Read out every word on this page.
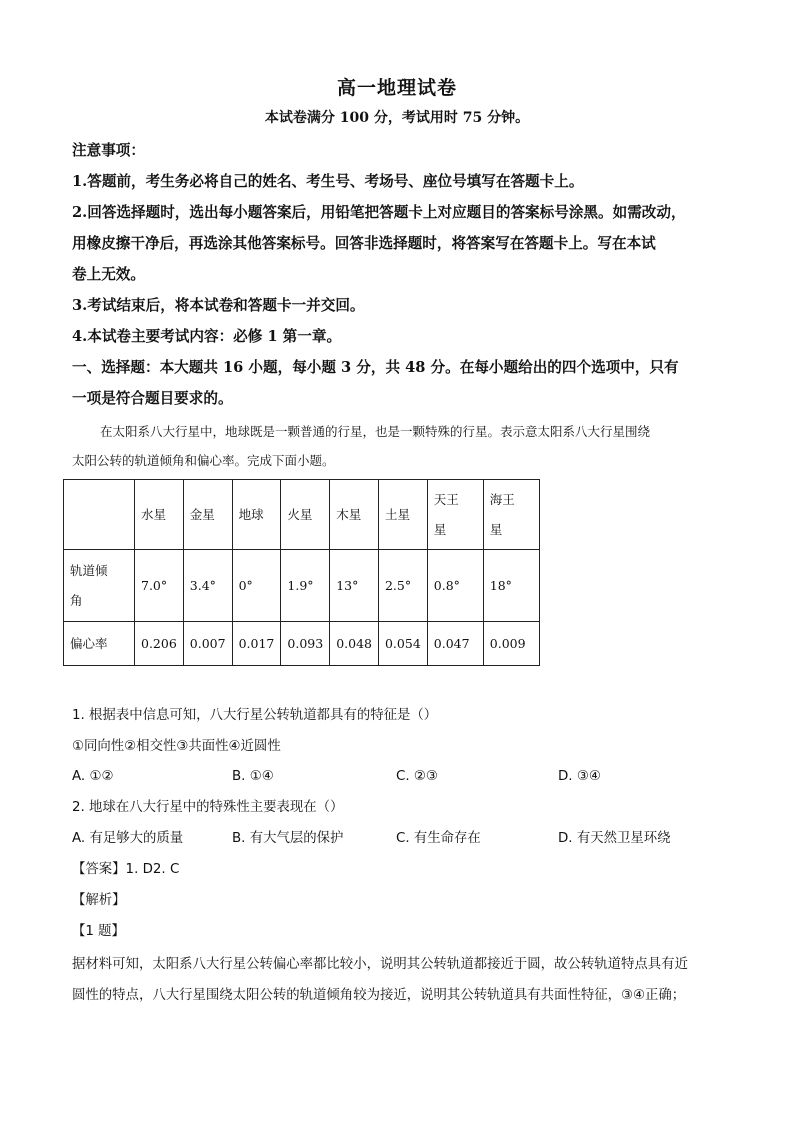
高一地理试卷
本试卷满分 100 分，考试用时 75 分钟。
注意事项：
1.答题前，考生务必将自己的姓名、考生号、考场号、座位号填写在答题卡上。
2.回答选择题时，选出每小题答案后，用铅笔把答题卡上对应题目的答案标号涂黑。如需改动，
用橡皮擦干净后，再选涂其他答案标号。回答非选择题时，将答案写在答题卡上。写在本试
卷上无效。
3.考试结束后，将本试卷和答题卡一并交回。
4.本试卷主要考试内容：必修 1 第一章。
一、选择题：本大题共 16 小题，每小题 3 分，共 48 分。在每小题给出的四个选项中，只有
一项是符合题目要求的。
在太阳系八大行星中，地球既是一颗普通的行星，也是一颗特殊的行星。表示意太阳系八大行星围绕
太阳公转的轨道倾角和偏心率。完成下面小题。
	水星	金星	地球	火星	木星	土星	天王
星	海王
星
轨道倾
角	7.0°	3.4°	0°	1.9°	13°	2.5°	0.8°	18°
偏心率	0.206	0.007	0.017	0.093	0.048	0.054	0.047	0.009
1. 根据表中信息可知，八大行星公转轨道都具有的特征是（）
①同向性②相交性③共面性④近圆性
A. ①②	B. ①④	C. ②③	D. ③④
2. 地球在八大行星中的特殊性主要表现在（）
A. 有足够大的质量	B. 有大气层的保护	C. 有生命存在	D. 有天然卫星环绕
【答案】1. D2. C
【解析】
【1 题】
据材料可知，太阳系八大行星公转偏心率都比较小，说明其公转轨道都接近于圆，故公转轨道特点具有近
圆性的特点，八大行星围绕太阳公转的轨道倾角较为接近，说明其公转轨道具有共面性特征，③④正确；
